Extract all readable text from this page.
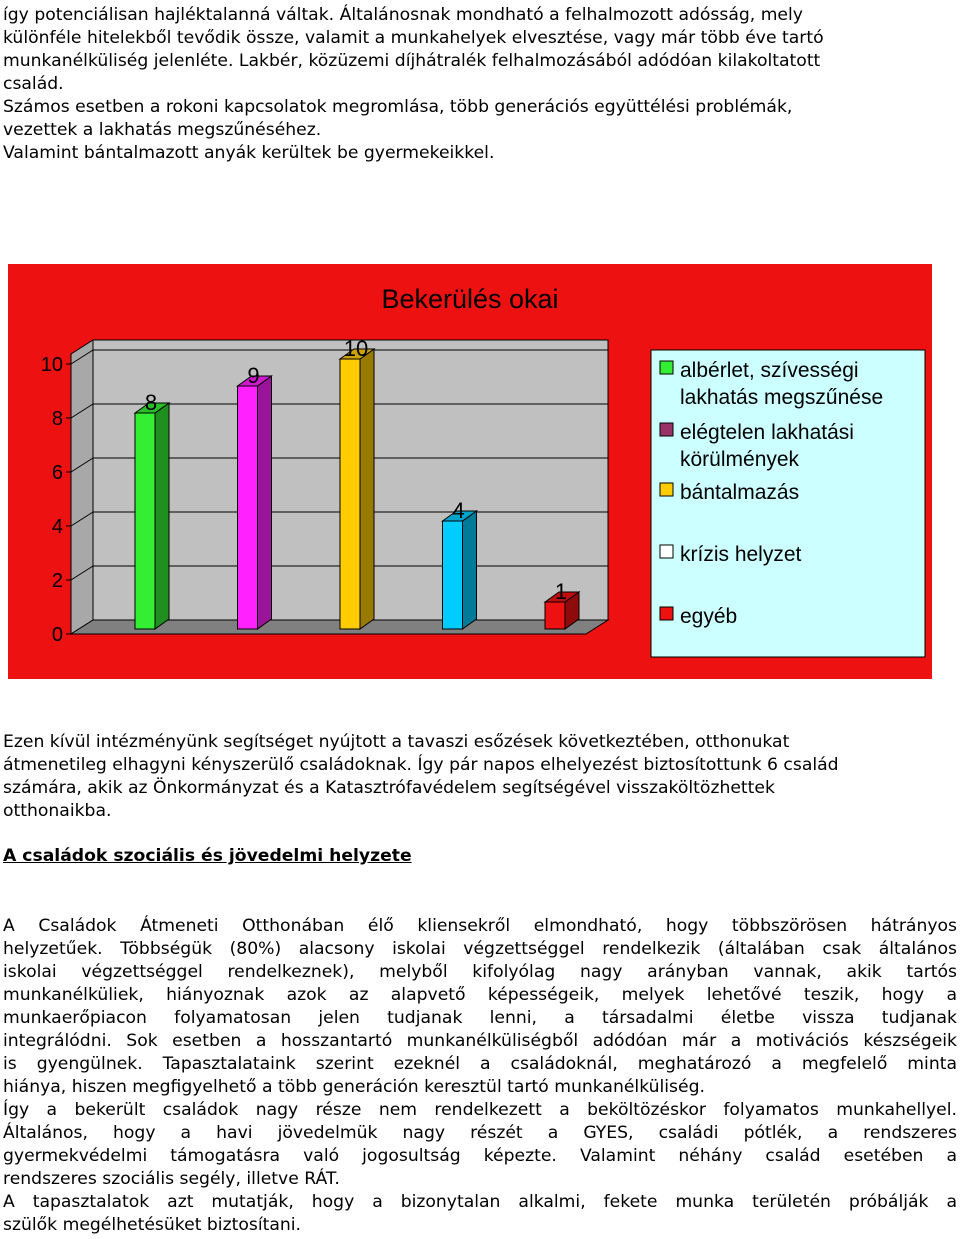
így potenciálisan hajléktalanná váltak. Általánosnak mondható a felhalmozott adósság, mely
különféle hitelekből tevődik össze, valamit a munkahelyek elvesztése, vagy már több éve tartó
munkanélküliség jelenléte. Lakbér, közüzemi díjhátralék felhalmozásából adódóan kilakoltatott
család.
Számos esetben a rokoni kapcsolatok megromlása, több generációs együttélési problémák,
vezettek a lakhatás megszűnéséhez.
Valamint bántalmazott anyák kerültek be gyermekeikkel.
Bekerülés okai
0
2
4
6
8
10
8
9
10
4
1
albérlet, szívességi
lakhatás megszűnése
elégtelen lakhatási
körülmények
bántalmazás
krízis helyzet
egyéb
Ezen kívül intézményünk segítséget nyújtott a tavaszi esőzések következtében, otthonukat
átmenetileg elhagyni kényszerülő családoknak. Így pár napos elhelyezést biztosítottunk 6 család
számára, akik az Önkormányzat és a Katasztrófavédelem segítségével visszaköltözhettek
otthonaikba.

A családok szociális és jövedelmi helyzete

A Családok Átmeneti Otthonában élő kliensekről elmondható, hogy többszörösen hátrányos
helyzetűek. Többségük (80%) alacsony iskolai végzettséggel rendelkezik (általában csak általános
iskolai végzettséggel rendelkeznek), melyből kifolyólag nagy arányban vannak, akik tartós
munkanélküliek, hiányoznak azok az alapvető képességeik, melyek lehetővé teszik, hogy a
munkaerőpiacon folyamatosan jelen tudjanak lenni, a társadalmi életbe vissza tudjanak
integrálódni. Sok esetben a hosszantartó munkanélküliségből adódóan már a motivációs készségeik
is gyengülnek. Tapasztalataink szerint ezeknél a családoknál, meghatározó a megfelelő minta
hiánya, hiszen megfigyelhető a több generáción keresztül tartó munkanélküliség.
Így a bekerült családok nagy része nem rendelkezett a beköltözéskor folyamatos munkahellyel.
Általános, hogy a havi jövedelmük nagy részét a GYES, családi pótlék, a rendszeres
gyermekvédelmi támogatásra való jogosultság képezte. Valamint néhány család esetében a
rendszeres szociális segély, illetve RÁT.
A tapasztalatok azt mutatják, hogy a bizonytalan alkalmi, fekete munka területén próbálják a
szülők megélhetésüket biztosítani.
